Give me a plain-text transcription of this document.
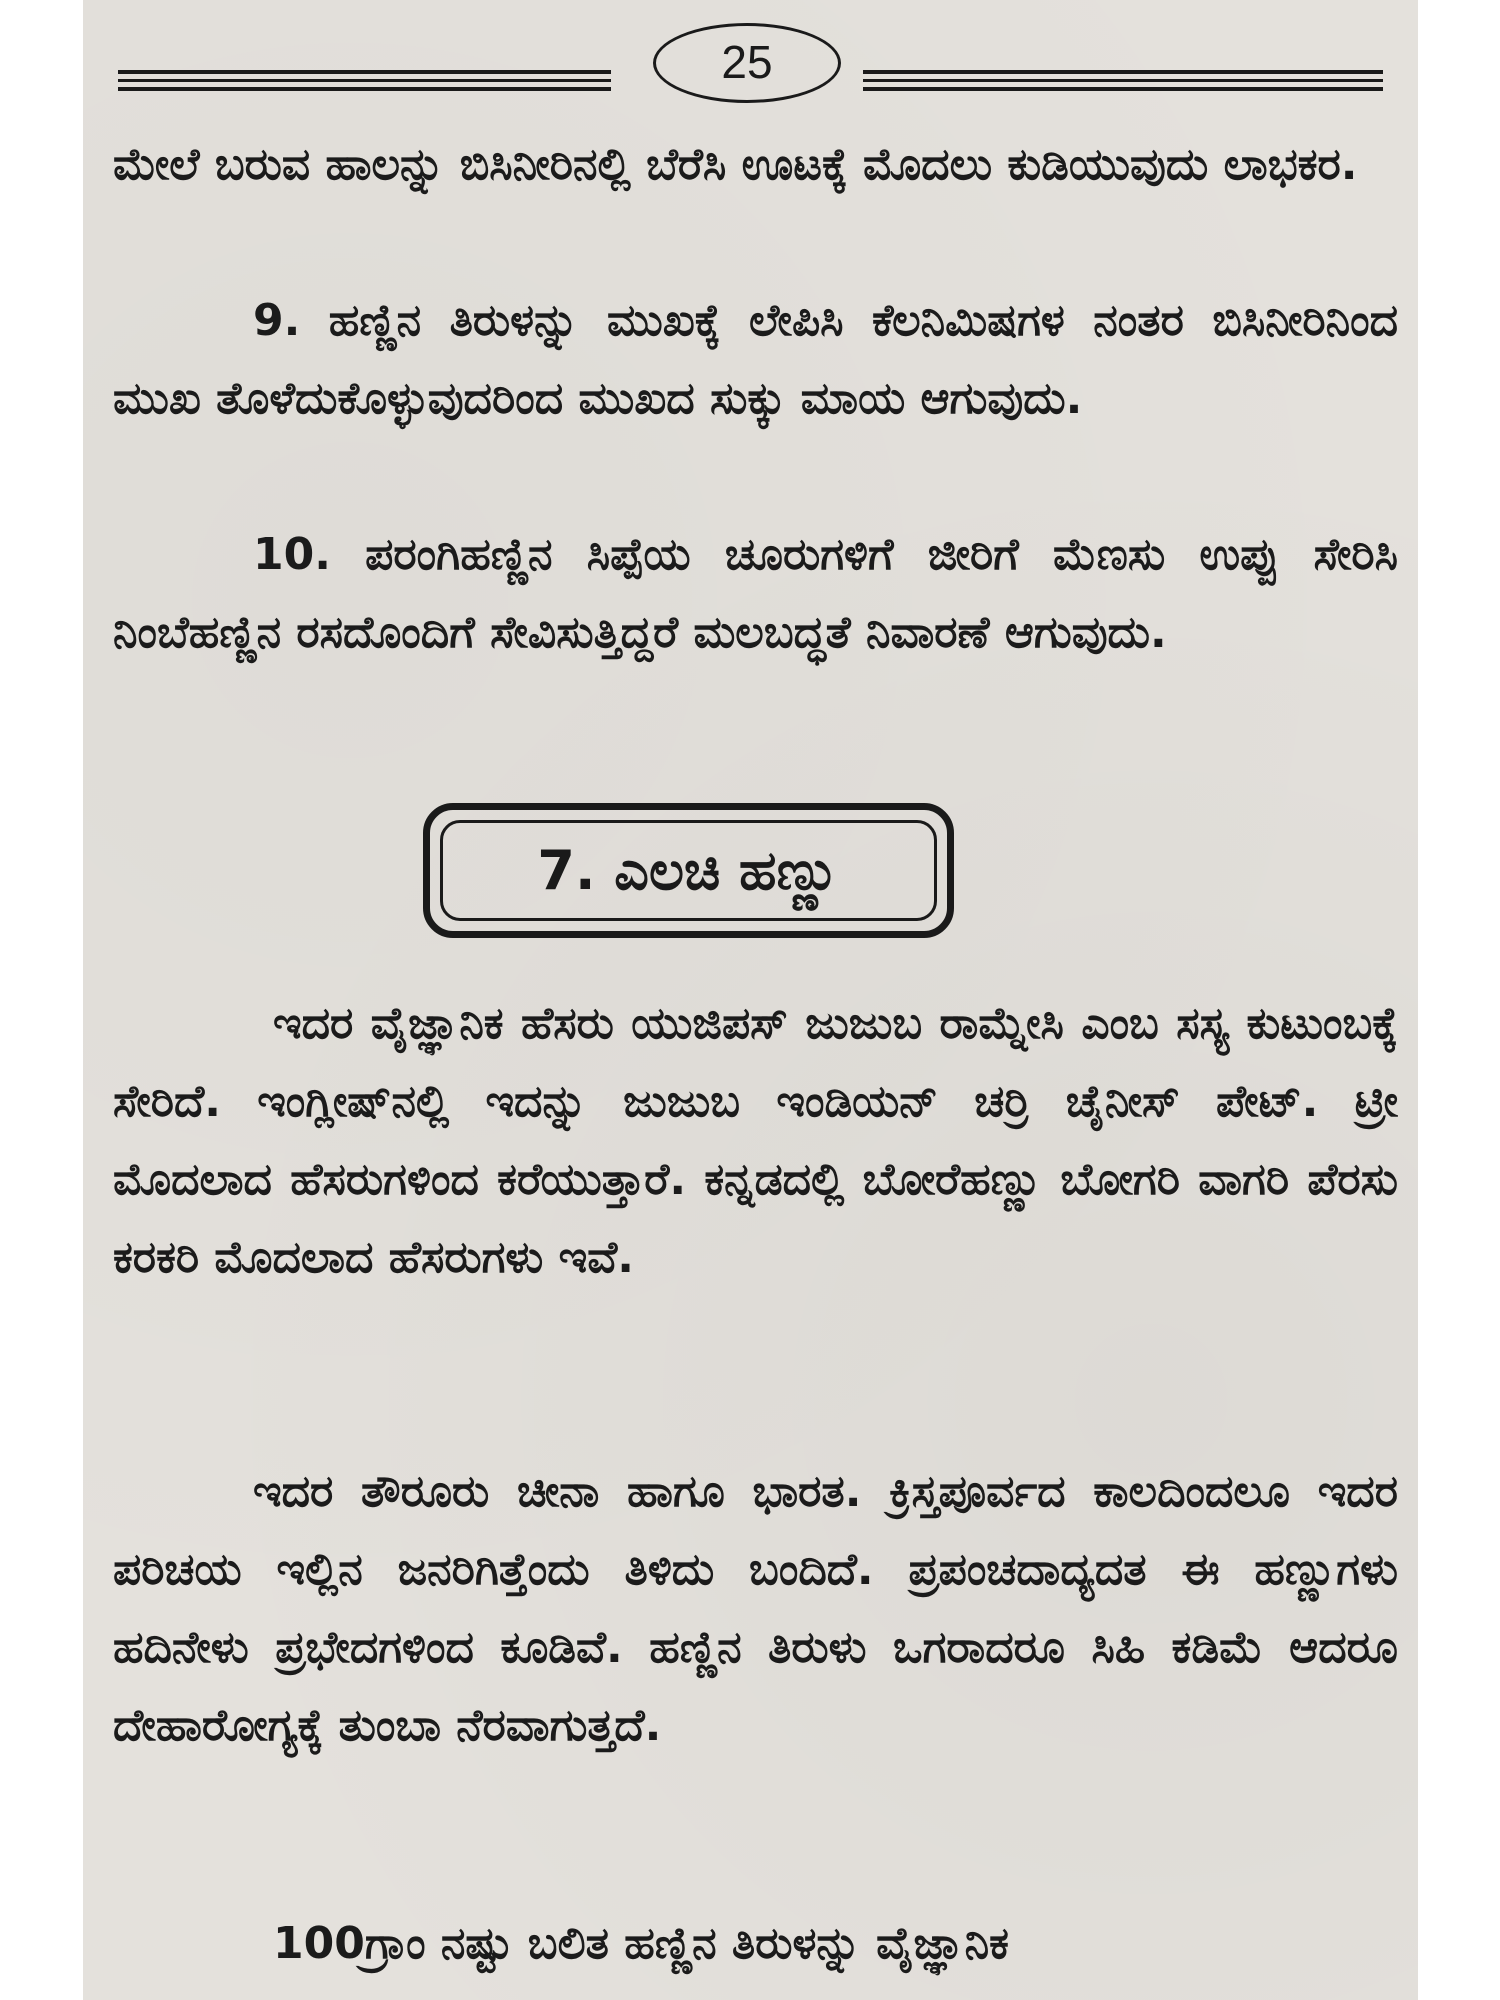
25
ಮೇಲೆ ಬರುವ ಹಾಲನ್ನು ಬಿಸಿನೀರಿನಲ್ಲಿ ಬೆರೆಸಿ ಊಟಕ್ಕೆ ಮೊದಲು ಕುಡಿಯುವುದು ಲಾಭಕರ.
9. ಹಣ್ಣಿನ ತಿರುಳನ್ನು ಮುಖಕ್ಕೆ ಲೇಪಿಸಿ ಕೆಲನಿಮಿಷಗಳ ನಂತರ ಬಿಸಿನೀರಿನಿಂದ ಮುಖ ತೊಳೆದುಕೊಳ್ಳುವುದರಿಂದ ಮುಖದ ಸುಕ್ಕು ಮಾಯ ಆಗುವುದು.
10. ಪರಂಗಿಹಣ್ಣಿನ ಸಿಪ್ಪೆಯ ಚೂರುಗಳಿಗೆ ಜೀರಿಗೆ ಮೆಣಸು ಉಪ್ಪು ಸೇರಿಸಿ ನಿಂಬೆಹಣ್ಣಿನ ರಸದೊಂದಿಗೆ ಸೇವಿಸುತ್ತಿದ್ದರೆ ಮಲಬದ್ಧತೆ ನಿವಾರಣೆ ಆಗುವುದು.
7. ಎಲಚಿ ಹಣ್ಣು
ಇದರ ವೈಜ್ಞಾನಿಕ ಹೆಸರು ಯುಜಿಪಸ್ ಜುಜುಬ ರಾಮ್ನೇಸಿ ಎಂಬ ಸಸ್ಯ ಕುಟುಂಬಕ್ಕೆ ಸೇರಿದೆ. ಇಂಗ್ಲೀಷ್‌ನಲ್ಲಿ ಇದನ್ನು ಜುಜುಬ ಇಂಡಿಯನ್ ಚರ್ರಿ ಚೈನೀಸ್ ಪೇಟ್. ಟ್ರೀ ಮೊದಲಾದ ಹೆಸರುಗಳಿಂದ ಕರೆಯುತ್ತಾರೆ. ಕನ್ನಡದಲ್ಲಿ ಬೋರೆಹಣ್ಣು ಬೋಗರಿ ವಾಗರಿ ಪೆರಸು ಕರಕರಿ ಮೊದಲಾದ ಹೆಸರುಗಳು ಇವೆ.
ಇದರ ತೌರೂರು ಚೀನಾ ಹಾಗೂ ಭಾರತ. ಕ್ರಿಸ್ತಪೂರ್ವದ ಕಾಲದಿಂದಲೂ ಇದರ ಪರಿಚಯ ಇಲ್ಲಿನ ಜನರಿಗಿತ್ತೆಂದು ತಿಳಿದು ಬಂದಿದೆ. ಪ್ರಪಂಚದಾದ್ಯದತ ಈ ಹಣ್ಣುಗಳು ಹದಿನೇಳು ಪ್ರಭೇದಗಳಿಂದ ಕೂಡಿವೆ. ಹಣ್ಣಿನ ತಿರುಳು ಒಗರಾದರೂ ಸಿಹಿ ಕಡಿಮೆ ಆದರೂ ದೇಹಾರೋಗ್ಯಕ್ಕೆ ತುಂಬಾ ನೆರವಾಗುತ್ತದೆ.
100ಗ್ರಾಂ ನಷ್ಟು ಬಲಿತ ಹಣ್ಣಿನ ತಿರುಳನ್ನು ವೈಜ್ಞಾನಿಕ
